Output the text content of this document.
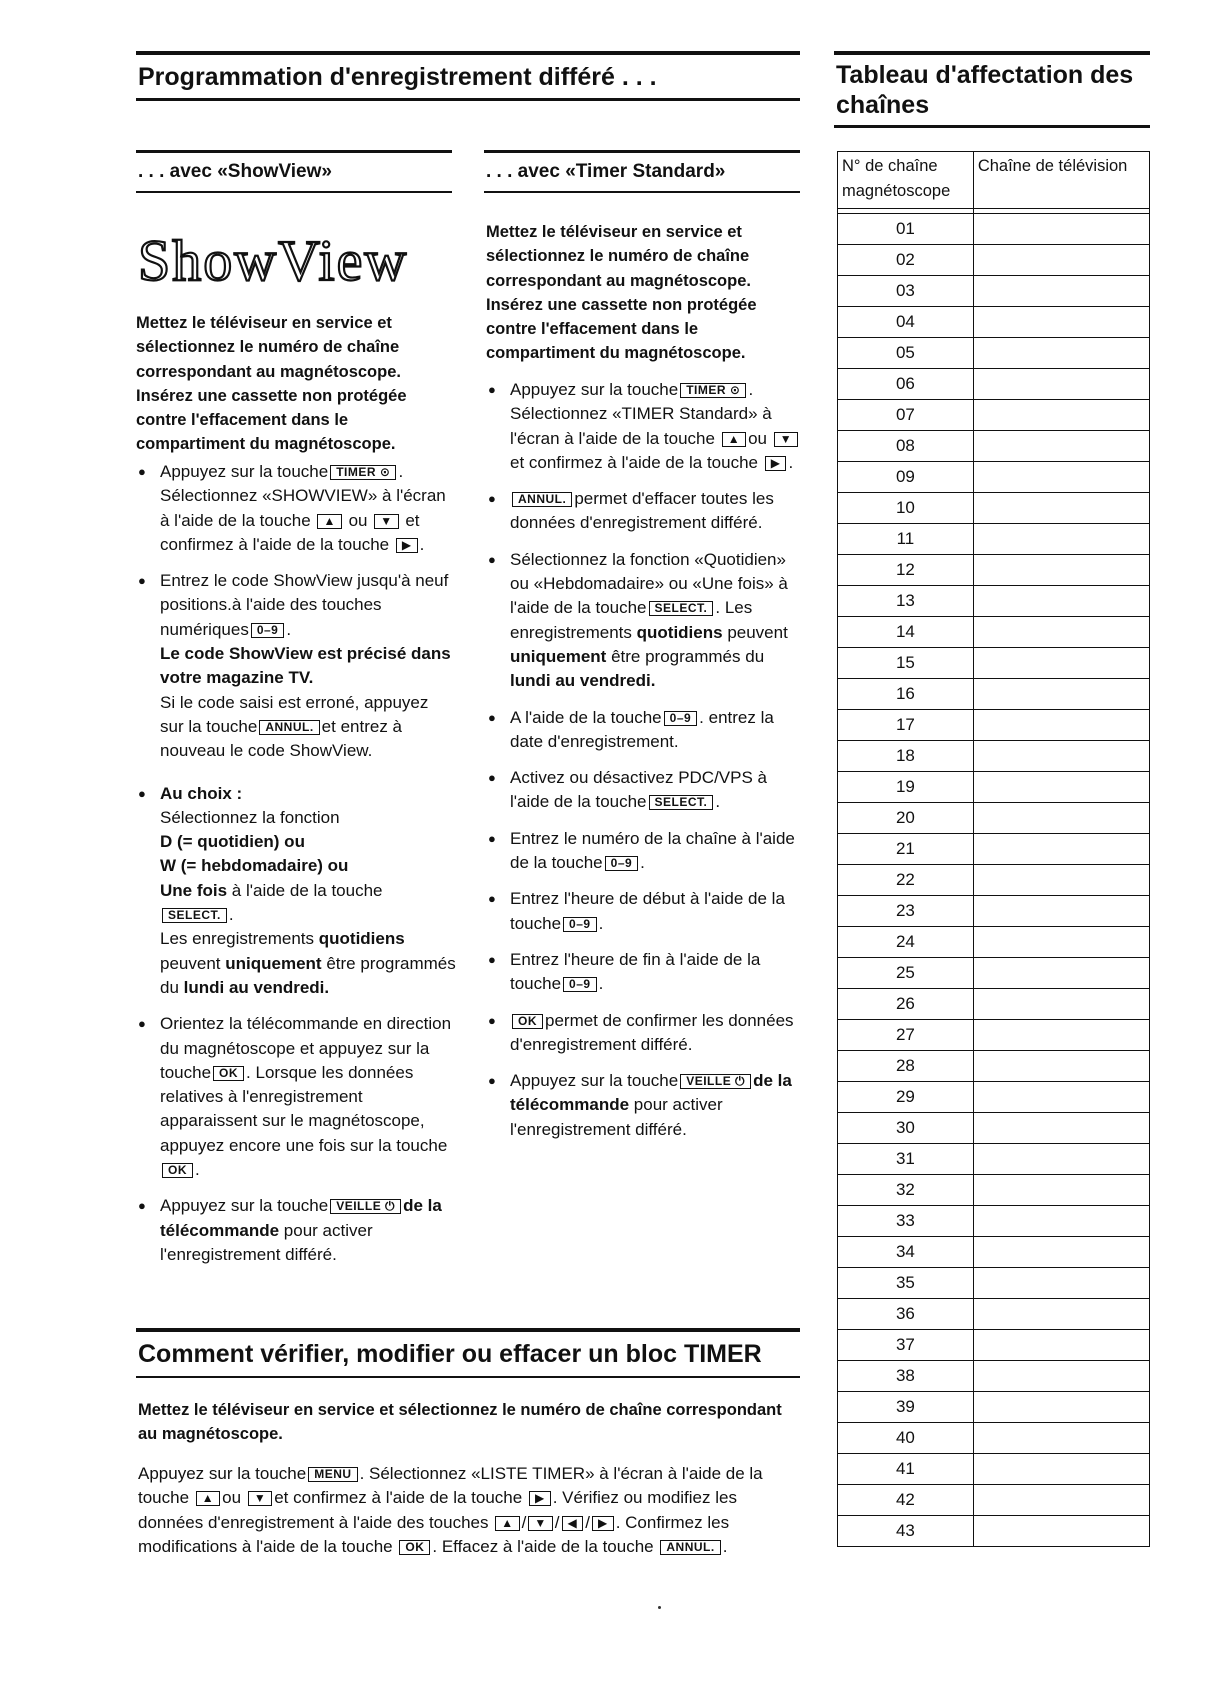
Programmation d'enregistrement différé . . .	Tableau d'affectation des chaînes
. . . avec «ShowView»
ShowView
Mettez le téléviseur en service et sélectionnez le numéro de chaîne correspondant au magnétoscope. Insérez une cassette non protégée contre l'effacement dans le compartiment du magnétoscope.
● Appuyez sur la touche TIMER ⊙ . Sélectionnez «SHOWVIEW» à l'écran à l'aide de la touche ▲ ou ▼ et confirmez à l'aide de la touche ▶ .
● Entrez le code ShowView jusqu'à neuf positions.à l'aide des touches numériques 0–9 .
Le code ShowView est précisé dans votre magazine TV.
Si le code saisi est erroné, appuyez sur la touche ANNUL. et entrez à nouveau le code ShowView.
● Au choix :
Sélectionnez la fonction
D (= quotidien) ou
W (= hebdomadaire) ou
Une fois à l'aide de la touche SELECT. .
Les enregistrements quotidiens peuvent uniquement être programmés du lundi au vendredi.
● Orientez la télécommande en direction du magnétoscope et appuyez sur la touche OK . Lorsque les données relatives à l'enregistrement apparaissent sur le magnétoscope, appuyez encore une fois sur la toucheOK .
● Appuyez sur la touche VEILLE ⏻ de la télécommande pour activer l'enregistrement différé.
. . . avec «Timer Standard»
Mettez le téléviseur en service et sélectionnez le numéro de chaîne correspondant au magnétoscope. Insérez une cassette non protégée contre l'effacement dans le compartiment du magnétoscope.
● Appuyez sur la touche TIMER ⊙ . Sélectionnez «TIMER Standard» à l'écran à l'aide de la touche ▲ ou ▼et confirmez à l'aide de la touche ▶ .
● ANNUL. permet d'effacer toutes les données d'enregistrement différé.
● Sélectionnez la fonction «Quotidien» ou «Hebdomadaire» ou «Une fois» à l'aide de la touche SELECT. . Les enregistrements quotidiens peuvent uniquement être programmés du lundi au vendredi.
● A l'aide de la touche 0–9 . entrez la date d'enregistrement.
● Activez ou désactivez PDC/VPS à l'aide de la touche SELECT. .
● Entrez le numéro de la chaîne à l'aide de la touche 0–9 .
● Entrez l'heure de début à l'aide de la touche 0–9 .
● Entrez l'heure de fin à l'aide de la touche 0–9 .
● OK permet de confirmer les données d'enregistrement différé.
● Appuyez sur la touche VEILLE ⏻ de la télécommande pour activer l'enregistrement différé.
Comment vérifier, modifier ou effacer un bloc TIMER
Mettez le téléviseur en service et sélectionnez le numéro de chaîne correspondant au magnétoscope.
Appuyez sur la touche MENU . Sélectionnez «LISTE TIMER» à l'écran à l'aide de la touche ▲ ou ▼ et confirmez à l'aide de la touche ▶ . Vérifiez ou modifiez les données d'enregistrement à l'aide des touches ▲ / ▼ / ◀ / ▶ . Confirmez les modifications à l'aide de la touche OK . Effacez à l'aide de la touche ANNUL. .
N° de chaîne magnétoscope	Chaîne de télévision

01	
02	
03	
04	
05	
06	
07	
08	
09	
10	
11	
12	
13	
14	
15	
16	
17	
18	
19	
20	
21	
22	
23	
24	
25	
26	
27	
28	
29	
30	
31	
32	
33	
34	
35	
36	
37	
38	
39	
40	
41	
42	
43	
